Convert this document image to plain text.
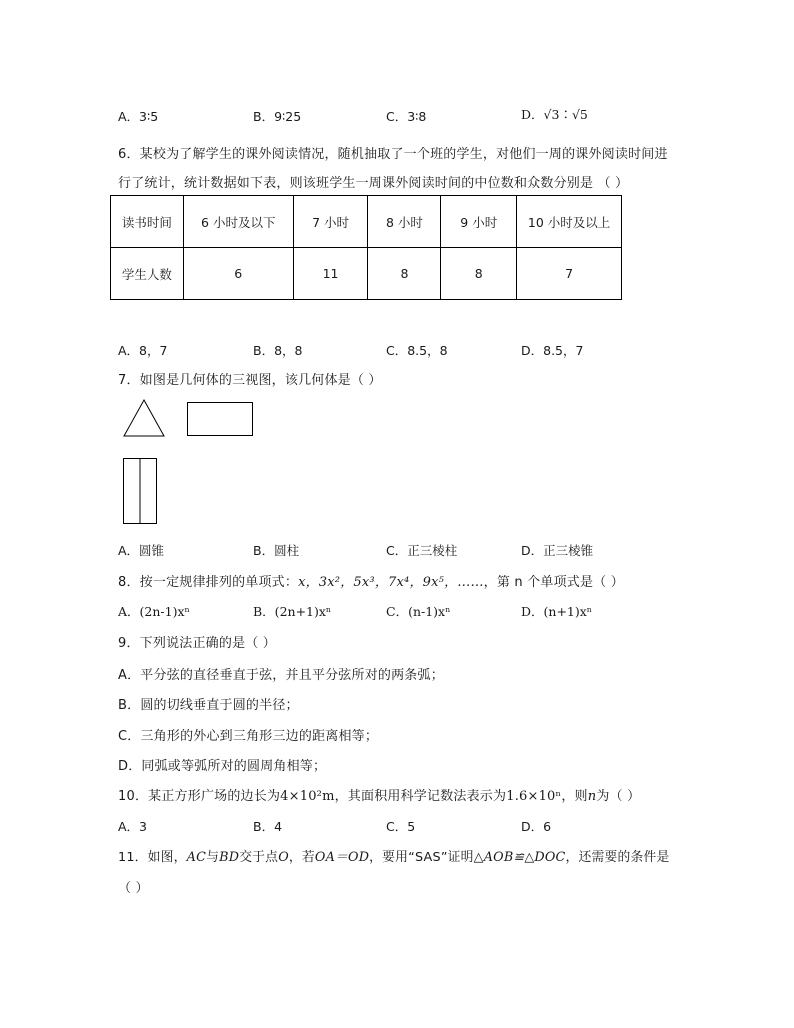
A．3∶5	B．9∶25	C．3∶8	D．√3∶√5
6．某校为了解学生的课外阅读情况，随机抽取了一个班的学生，对他们一周的课外阅读时间进
行了统计，统计数据如下表，则该班学生一周课外阅读时间的中位数和众数分别是 （ ）
读书时间	6 小时及以下	7 小时	8 小时	9 小时	10 小时及以上
学生人数	6	11	8	8	7
A．8，7	B．8，8	C．8.5，8	D．8.5，7
7．如图是几何体的三视图，该几何体是（ ）
A．圆锥	B．圆柱	C．正三棱柱	D．正三棱锥
8．按一定规律排列的单项式：x，3x²，5x³，7x⁴，9x⁵，……，第 n 个单项式是（ ）
A．(2n-1)xⁿ	B．(2n+1)xⁿ	C．(n-1)xⁿ	D．(n+1)xⁿ
9．下列说法正确的是（ ）
A．平分弦的直径垂直于弦，并且平分弦所对的两条弧；
B．圆的切线垂直于圆的半径；
C．三角形的外心到三角形三边的距离相等；
D．同弧或等弧所对的圆周角相等；
10．某正方形广场的边长为4×10²m，其面积用科学记数法表示为1.6×10ⁿ，则n为（ ）
A．3	B．4	C．5	D．6
11．如图，AC与BD交于点O，若OA＝OD，要用“SAS”证明△AOB≌△DOC，还需要的条件是
（ ）
